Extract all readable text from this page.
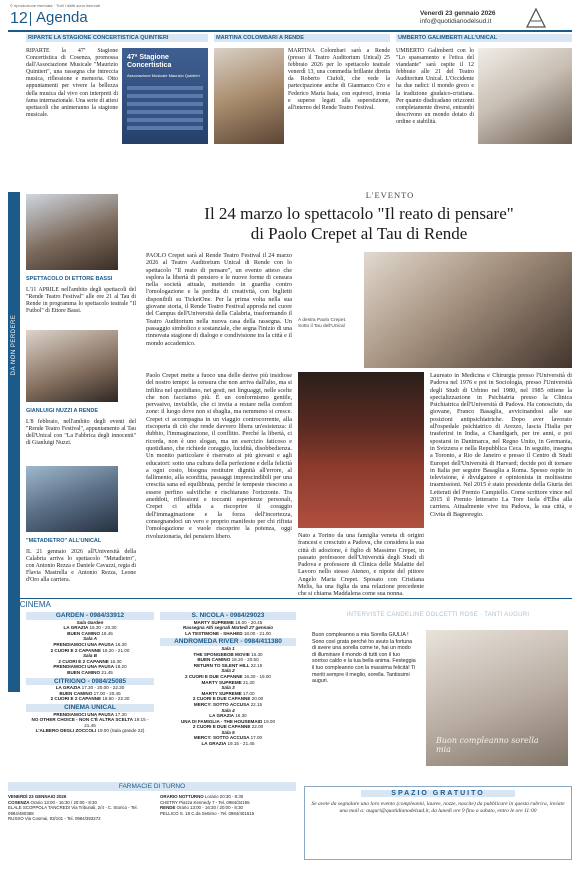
© riproduzione riservata · Tutti i diritti sono riservati
12 Agenda	Venerdì 23 gennaio 2026
info@quotidianodelsud.it
RIPARTE LA STAGIONE CONCERTISTICA QUINTIERI
RIPARTE la 47ª Stagione Concertistica di Cosenza, promossa dall'Associazione Musicale "Maurizio Quintieri", una rassegna che intreccia musica, riflessione e memoria. Otto appuntamenti per vivere la bellezza della musica dal vivo con interpreti di fama internazionale. Una serie di attesi spettacoli che animeranno la stagione musicale.
47ª Stagione Concertistica
Associazione Musicale Maurizio Quintieri
MARTINA COLOMBARI A RENDE
MARTINA Colombari sarà a Rende (presso il Teatro Auditorium Unical) 25 febbraio 2026 per lo spettacolo teatrale venerdì 13, una commedia brillante diretta da Roberto Ciufoli, che vede la partecipazione anche di Gianmarco Cro e Federico Maria Isaia, con equivoci, ironia e superse legati alla superstizione, all'interno del Rende Teatro Festival.
UMBERTO GALIMBERTI ALL'UNICAL
UMBERTO Galimberti con lo "Lo spaesamento e l'etica del viandante" sarà ospite il 12 febbraio alle 21 del Teatro Auditorium Unical. L'Occidente ha due radici: il mondo greco e la tradizione giudaico-cristiana. Per quanto disdicadano orizzonti completamente diversi, entrambi descrivono un mondo dotato di ordine e stabilità.
DA NON PERDERE
SPETTACOLO DI ETTORE BASSI
L'11 APRILE nell'ambito degli spettacoli del "Rende Teatro Festival" alle ore 21 al Tau di Rende in programma lo spettacolo teatrale "Il Futbol" di Ettore Bassi.
GIANLUIGI NUZZI A RENDE
L'8 febbraio, nell'ambito degli eventi del "Rende Teatro Festival", appuntamento al Tau dell'Unical con "La Fabbrica degli innocenti" di Gianluigi Nuzzi.
"METADIETRO" ALL'UNICAL
IL 21 gennaio 2026 all'Università della Calabria arriva lo spettacolo "Metadietro", con Antonio Rezza e Daniele Cavazzi, regia di Flavia Mastrella e Antonio Rezza, Leone d'Oro alla carriera.
L'EVENTO
Il 24 marzo lo spettacolo "Il reato di pensare"
di Paolo Crepet al Tau di Rende
PAOLO Crepet sarà al Rende Teatro Festival il 24 marzo 2026 al Teatro Auditorium Unical di Rende con lo spettacolo "Il reato di pensare", un evento atteso che esplora la libertà di pensiero e le nuove forme di censura nella società attuale, mettendo in guardia contro l'omologazione e la perdita di creatività, con biglietti disponibili su TicketOne. Per la prima volta nella sua giovane storia, il Rende Teatro Festival approda nel cuore del Campus dell'Università della Calabria, trasformando il Teatro Auditorium nella nuova casa della rassegna. Un passaggio simbolico e sostanziale, che segna l'inizio di una rinnovata stagione di dialogo e condivisione tra la città e il mondo accademico.
A destra Paolo Crepet. Sotto il Tau dell'Unical
Paolo Crepet mette a fuoco una delle derive più insidiose del nostro tempo: la censura che non arriva dall'alto, ma si infiltra nel quotidiano, nei gesti, nei linguaggi, nelle scelte che non facciamo più. È un conformismo gentile, pervasivo, invisibile, che ci invita a restare nella comfort zone: il luogo dove non si sbaglia, ma nemmeno si cresce. Crepet ci accompagna in un viaggio controcorrente, alla riscoperta di ciò che rende davvero libera un'esistenza: il dubbio, l'immaginazione, il conflitto. Perché la libertà, ci ricorda, non è uno slogan, ma un esercizio faticoso e quotidiano, che richiede coraggio, lucidità, disobbedienza. Un monito particolare è riservato ai più giovani e agli educatori: sotto una cultura della perfezione e della felicità a ogni costo, bisogna restituire dignità all'errore, al fallimento, alla sconfitta, passaggi imprescindibili per una crescita sana ed equilibrata, perché le tempeste riescono a essere perfino salvifiche e rischiarano l'orizzonte. Tra aneddoti, riflessioni e toccanti esperienze personali, Crepet ci affida a riscoprire il coraggio dell'immaginazione e la forza dell'incertezza, consegnandoci un vero e proprio manifesto per chi rifiuta l'omologazione e vuole riscoprire la potenza, oggi rivoluzionaria, del pensiero libero.	Nato a Torino da una famiglia veneta di origini francesi e cresciuto a Padova, che considera la sua città di adozione, è figlio di Massimo Crepet, in passato professore dell'Università degli Studi di Padova e professore di Clinica delle Malattie del Lavoro nello stesso Ateneo, e nipote del pittore Angelo Maria Crepet. Sposato con Cristiana Melis, ha una figlia da una relazione precedente che si chiama Maddalena come sua nonna.
Laureato in Medicina e Chirurgia presso l'Università di Padova nel 1976 e poi in Sociologia, presso l'Università degli Studi di Urbino nel 1980, nel 1985 ottiene la specializzazione in Psichiatria presso la Clinica Psichiatrica dell'Università di Padova. Ha conosciuto, da giovane, Franco Basaglia, avvicinandosi alle sue posizioni antipsichiatriche. Dopo aver lavorato all'ospedale psichiatrico di Arezzo, lascia l'Italia per trasferirsi in India, a Chandigarh, per tre anni, e poi spostarsi in Danimarca, nel Regno Unito, in Germania, in Svizzera e nella Repubblica Ceca. In seguito, insegna a Toronto, a Rio de Janeiro e presso il Centro di Studi Europei dell'Università di Harvard; decide poi di tornare in Italia per seguire Basaglia a Roma. Spesso ospite in televisione, è divulgatore e opinionista in moltissime trasmissioni. Nel 2015 è stato presidente della Giuria dei Letterati del Premio Campiello. Come scrittore vince nel 2015 il Premio letterario La Tore Isola d'Elba alla carriera. Attualmente vive tra Padova, la sua città, e Civita di Bagnoregio.
AL CINEMA
GARDEN - 0984/33912
Sala Garden
LA GRAZIA 16.30 - 20.30
BUEN CAMINO 18.45
Sala A
PRENDIAMOCI UNA PAUSA 16.30
2 CUORI E 2 CAPANNE 18.20 - 21.00
Sala B
2 CUORI E 2 CAPANNE 16.30
PRENDIAMOCI UNA PAUSA 18.20
BUEN CAMINO 21.45
CITRIGNO - 0984/25085
LA GRAZIA 17.30 - 20.00 - 22.30
BUEN CAMINO 17.00 - 20.45
2 CUORI E 2 CAPANNE 18.50 - 22.30
CINEMA UNICAL
PRENDIAMOCI UNA PAUSA 17.30
NO OTHER CHOICE - NON C'È ALTRA SCELTA 19.15 - 21.45
L'ALBERO DEGLI ZOCCOLI 19.00 (Sala grande 22)
S. NICOLA - 0984/29023
MARTY SUPREME 18.00 - 20.45
Rassegna Alti segnali Martedì 27 gennaio
LA TESTIMONE - SHAHED 18.00 - 21.00
ANDROMEDA RIVER - 0984/411380
Sala 1
THE SPONGEBOB MOVIE 16.30
BUEN CAMINO 18.20 - 20.50
RETURN TO SILENT HILL 22.15
Sala 2
2 CUORI E DUE CAPANNE 16.30 - 19.00
MARTY SUPREME 21.30
Sala 3
MARTY SUPREME 17.00
2 CUORI E DUE CAPANNE 20.00
MERCY: SOTTO ACCUSA 22.15
Sala 4
LA GRAZIA 16.30
UNA DI FAMIGLIA - THE HOUSEMAID 19.00
2 CUORI E DUE CAPANNE 22.00
Sala 5
MERCY: SOTTO ACCUSA 17.00
LA GRAZIA 19.15 - 21.45
FARMACIE DI TURNO
VENERDÌ 23 GENNAIO 2026
COSENZA Orario 13:00 - 16:30 / 20:00 - 8:30
ELALE SCOPPOLA TANCREDI Via Tribunali, 2/4 - C. Storico - Tel. 0984/480388
RUSSO Via Cosmai, 93/101 - Tel. 0984/393272
ORARIO NOTTURNO Lorario 20:30 - 8:30
CHETRY Piazza Kennedy 7 - Tel. 0984/34155
RENDE Orario 13:00 - 16:30 / 20:00 - 8:30
PELLICO S. 19 C.da Settimo - Tel. 0984/401615
INTERVISTE CANDELINE DOLCETTI ROSE · TANTI AUGURI
Buon compleanno a mia Sorella GIULIA ! Sono così grata perché ho avuto la fortuna di avere una sorella come te, hai un modo di illuminare il mondo di tutti con il tuo sorriso caldo e la tua bella anima. Festeggia il tuo compleanno con la massima felicità! Ti meriti sempre il meglio, sorella. Tantissimi auguri.
Buon compleanno sorella mia
SPAZIO GRATUITO
Se avete da segnalare uno loro evento (compleanni, lauree, nozze, nascite) da pubblicare in questa rubrica, inviate una mail a: auguri@quotidianodelsud.it, da lunedì ore 9 fino a sabato, entro le ore 11:00
